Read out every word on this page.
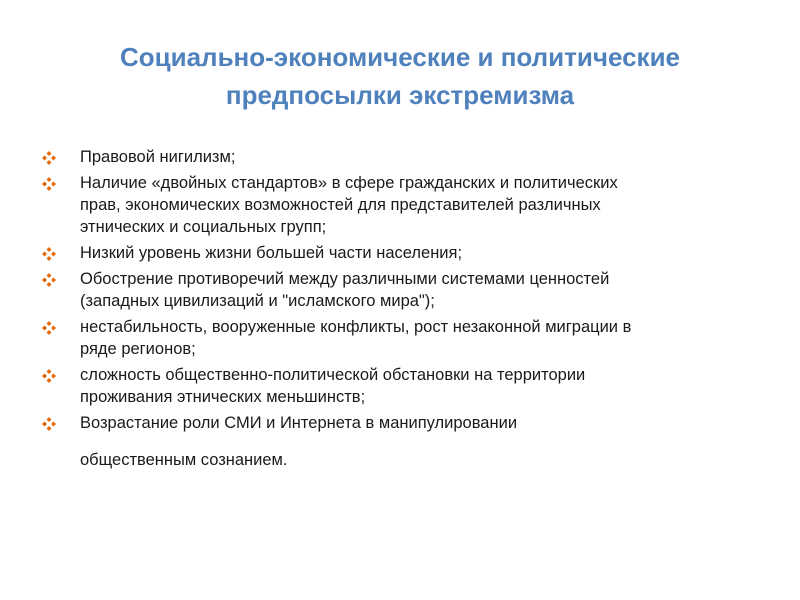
Социально-экономические и политические
предпосылки экстремизма
Правовой нигилизм;
Наличие «двойных стандартов» в сфере гражданских и политических
прав, экономических возможностей для представителей различных
этнических и социальных групп;
Низкий уровень жизни большей части населения;
Обострение противоречий между различными системами ценностей
(западных цивилизаций и "исламского мира");
нестабильность, вооруженные конфликты, рост незаконной миграции в
ряде регионов;
сложность общественно-политической обстановки на территории
проживания этнических меньшинств;
Возрастание роли СМИ и Интернета в манипулировании
общественным сознанием.
